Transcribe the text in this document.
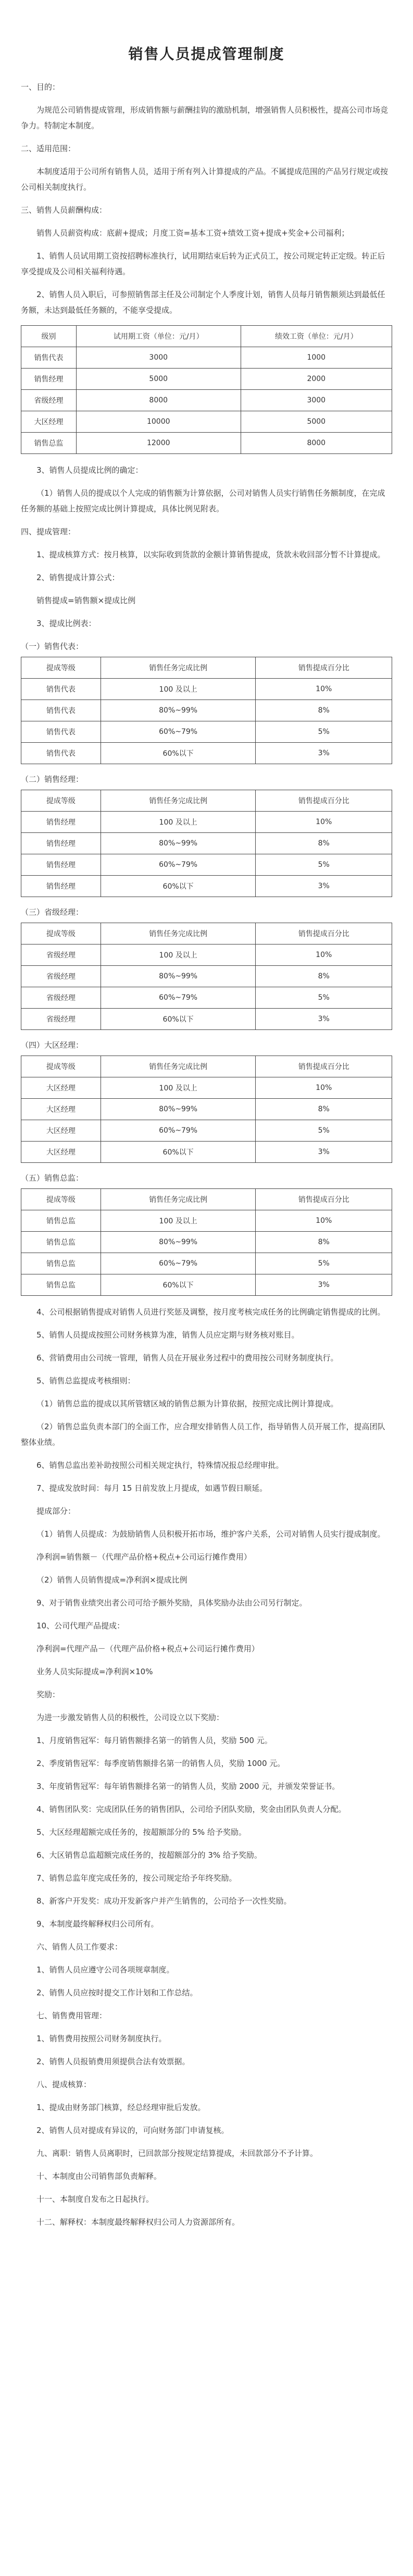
销售人员提成管理制度

一、目的：

为规范公司销售提成管理，形成销售额与薪酬挂钩的激励机制，增强销售人员积极性，提高公司市场竞争力。特制定本制度。

二、适用范围：

本制度适用于公司所有销售人员，适用于所有列入计算提成的产品。不属提成范围的产品另行规定或按公司相关制度执行。

三、销售人员薪酬构成：

销售人员薪资构成：底薪+提成；月度工资=基本工资+绩效工资+提成+奖金+公司福利；

1、销售人员试用期工资按招聘标准执行，试用期结束后转为正式员工，按公司规定转正定级。转正后享受提成及公司相关福利待遇。

2、销售人员入职后，可参照销售部主任及公司制定个人季度计划，销售人员每月销售额须达到最低任务额，未达到最低任务额的，不能享受提成。

级别	试用期工资（单位：元/月）	绩效工资（单位：元/月）
销售代表	3000	1000
销售经理	5000	2000
省级经理	8000	3000
大区经理	10000	5000
销售总监	12000	8000

3、销售人员提成比例的确定：

（1）销售人员的提成以个人完成的销售额为计算依据，公司对销售人员实行销售任务额制度，在完成任务额的基础上按照完成比例计算提成，具体比例见附表。

四、提成管理：

1、提成核算方式：按月核算，以实际收到货款的金额计算销售提成，货款未收回部分暂不计算提成。

2、销售提成计算公式：

销售提成=销售额×提成比例

3、提成比例表：

（一）销售代表：
提成等级	销售任务完成比例	销售提成百分比
销售代表	100 及以上	10%
销售代表	80%~99%	8%
销售代表	60%~79%	5%
销售代表	60%以下	3%
（二）销售经理：
提成等级	销售任务完成比例	销售提成百分比
销售经理	100 及以上	10%
销售经理	80%~99%	8%
销售经理	60%~79%	5%
销售经理	60%以下	3%
（三）省级经理：
提成等级	销售任务完成比例	销售提成百分比
省级经理	100 及以上	10%
省级经理	80%~99%	8%
省级经理	60%~79%	5%
省级经理	60%以下	3%
（四）大区经理：
提成等级	销售任务完成比例	销售提成百分比
大区经理	100 及以上	10%
大区经理	80%~99%	8%
大区经理	60%~79%	5%
大区经理	60%以下	3%
（五）销售总监：
提成等级	销售任务完成比例	销售提成百分比
销售总监	100 及以上	10%
销售总监	80%~99%	8%
销售总监	60%~79%	5%
销售总监	60%以下	3%

4、公司根据销售提成对销售人员进行奖惩及调整，按月度考核完成任务的比例确定销售提成的比例。

5、销售人员提成按照公司财务核算为准，销售人员应定期与财务核对账目。

6、营销费用由公司统一管理，销售人员在开展业务过程中的费用按公司财务制度执行。

5、销售总监提成考核细则：

（1）销售总监的提成以其所管辖区域的销售总额为计算依据，按照完成比例计算提成。

（2）销售总监负责本部门的全面工作，应合理安排销售人员工作，指导销售人员开展工作，提高团队整体业绩。

6、销售总监出差补助按照公司相关规定执行，特殊情况报总经理审批。

7、提成发放时间：每月 15 日前发放上月提成，如遇节假日顺延。

提成部分：

（1）销售人员提成：为鼓励销售人员积极开拓市场，维护客户关系，公司对销售人员实行提成制度。

净利润=销售额－（代理产品价格+税点+公司运行摊作费用）

（2）销售人员销售提成=净利润×提成比例

9、对于销售业绩突出者公司可给予额外奖励，具体奖励办法由公司另行制定。

10、公司代理产品提成：

净利润=代理产品－（代理产品价格+税点+公司运行摊作费用）

业务人员实际提成=净利润×10%

奖励：

为进一步激发销售人员的积极性，公司设立以下奖励：

1、月度销售冠军：每月销售额排名第一的销售人员，奖励 500 元。

2、季度销售冠军：每季度销售额排名第一的销售人员，奖励 1000 元。

3、年度销售冠军：每年销售额排名第一的销售人员，奖励 2000 元，并颁发荣誉证书。

4、销售团队奖：完成团队任务的销售团队，公司给予团队奖励，奖金由团队负责人分配。

5、大区经理超额完成任务的，按超额部分的 5% 给予奖励。

6、大区销售总监超额完成任务的，按超额部分的 3% 给予奖励。

7、销售总监年度完成任务的，按公司规定给予年终奖励。

8、新客户开发奖：成功开发新客户并产生销售的，公司给予一次性奖励。

9、本制度最终解释权归公司所有。

六、销售人员工作要求：

1、销售人员应遵守公司各项规章制度。

2、销售人员应按时提交工作计划和工作总结。

七、销售费用管理：

1、销售费用按照公司财务制度执行。

2、销售人员报销费用须提供合法有效票据。

八、提成核算：

1、提成由财务部门核算，经总经理审批后发放。

2、销售人员对提成有异议的，可向财务部门申请复核。

九、离职：销售人员离职时，已回款部分按规定结算提成，未回款部分不予计算。

十、本制度由公司销售部负责解释。

十一、本制度自发布之日起执行。

十二、解释权：本制度最终解释权归公司人力资源部所有。
